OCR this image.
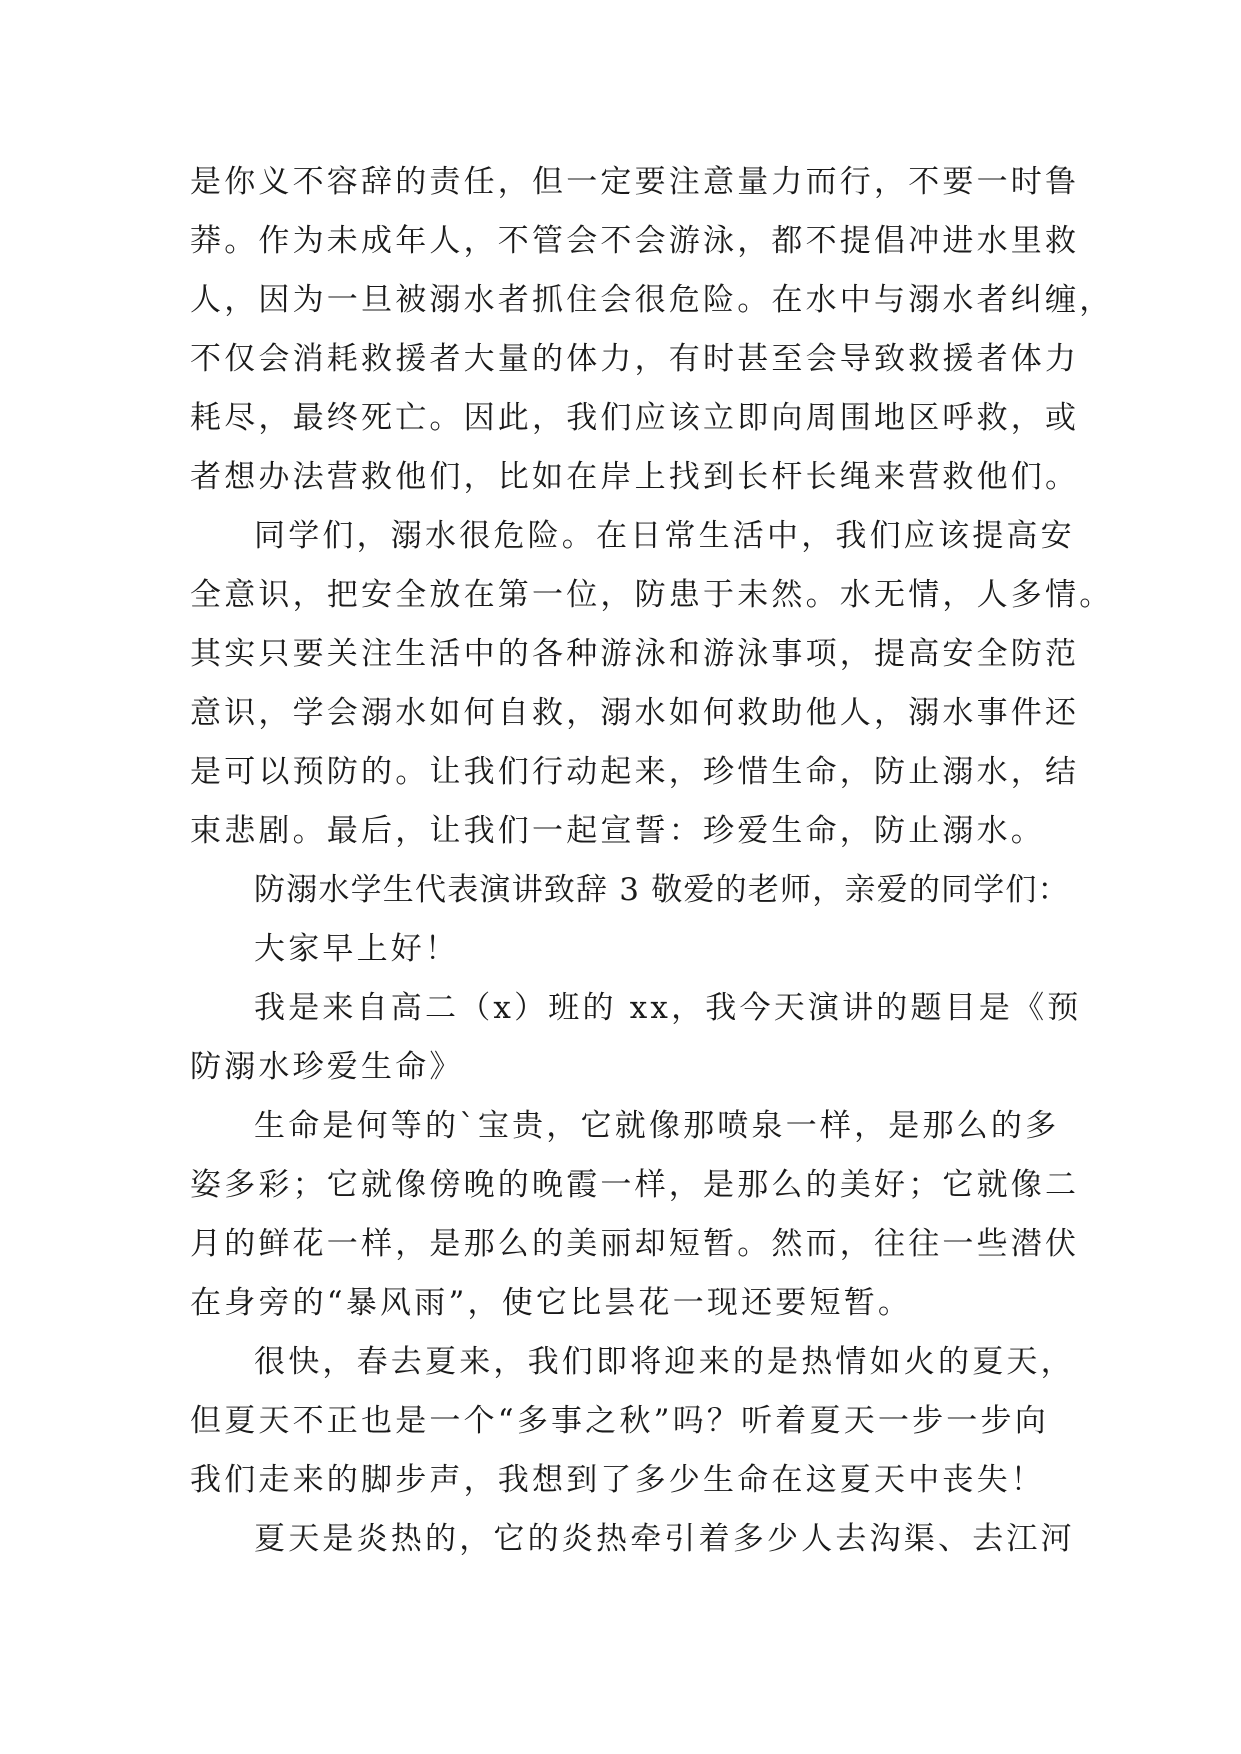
是你义不容辞的责任，但一定要注意量力而行，不要一时鲁
莽。作为未成年人，不管会不会游泳，都不提倡冲进水里救
人，因为一旦被溺水者抓住会很危险。在水中与溺水者纠缠，
不仅会消耗救援者大量的体力，有时甚至会导致救援者体力
耗尽，最终死亡。因此，我们应该立即向周围地区呼救，或
者想办法营救他们，比如在岸上找到长杆长绳来营救他们。
同学们，溺水很危险。在日常生活中，我们应该提高安
全意识，把安全放在第一位，防患于未然。水无情，人多情。
其实只要关注生活中的各种游泳和游泳事项，提高安全防范
意识，学会溺水如何自救，溺水如何救助他人，溺水事件还
是可以预防的。让我们行动起来，珍惜生命，防止溺水，结
束悲剧。最后，让我们一起宣誓：珍爱生命，防止溺水。
防溺水学生代表演讲致辞 3 敬爱的老师，亲爱的同学们：
大家早上好！
我是来自高二（x）班的 xx，我今天演讲的题目是《预
防溺水珍爱生命》
生命是何等的`宝贵，它就像那喷泉一样，是那么的多
姿多彩；它就像傍晚的晚霞一样，是那么的美好；它就像二
月的鲜花一样，是那么的美丽却短暂。然而，往往一些潜伏
在身旁的“暴风雨”，使它比昙花一现还要短暂。
很快，春去夏来，我们即将迎来的是热情如火的夏天，
但夏天不正也是一个“多事之秋”吗？听着夏天一步一步向
我们走来的脚步声，我想到了多少生命在这夏天中丧失！
夏天是炎热的，它的炎热牵引着多少人去沟渠、去江河
